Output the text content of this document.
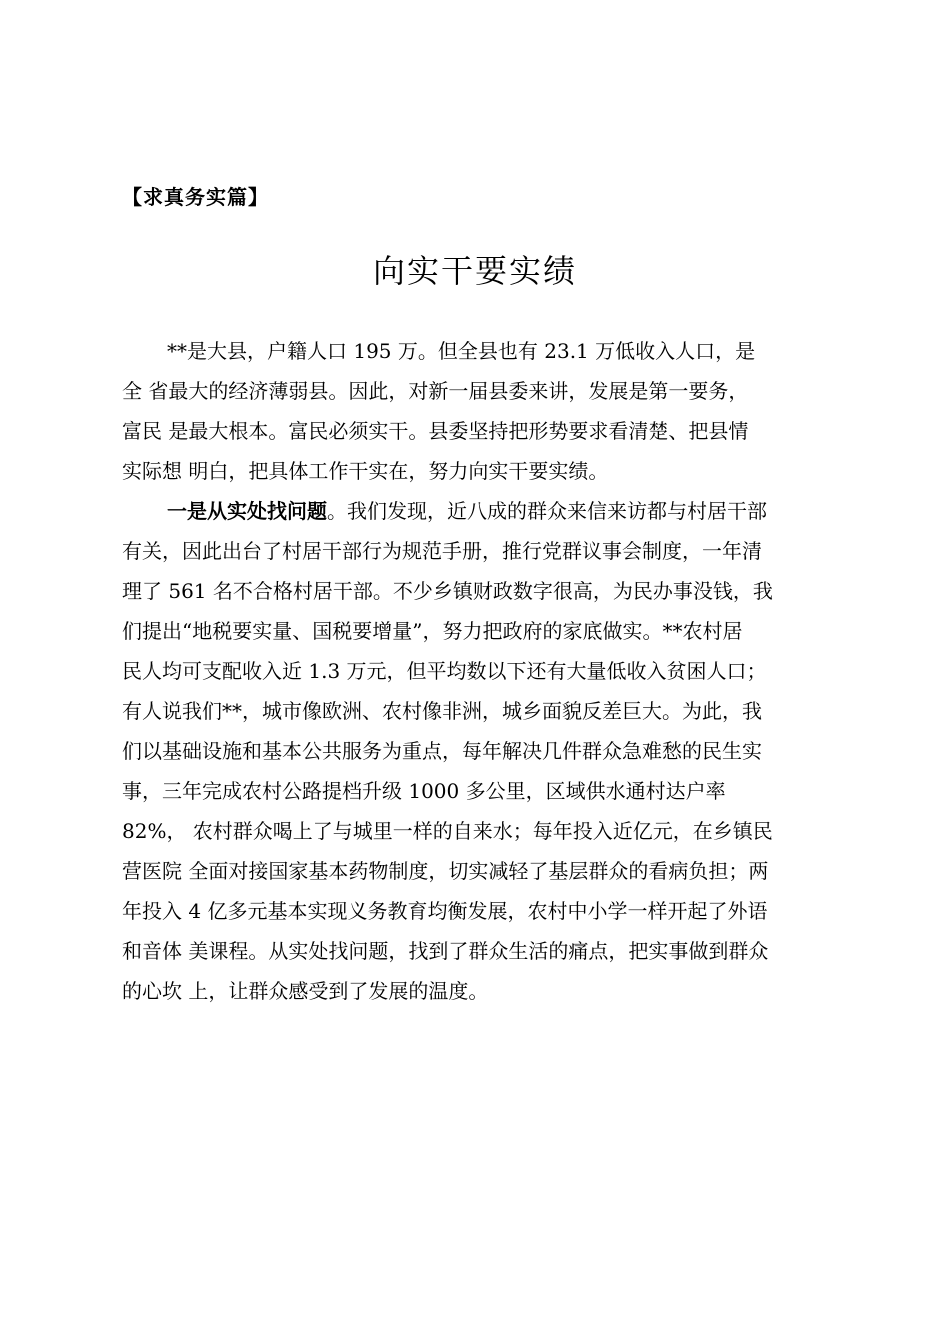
【求真务实篇】
向实干要实绩
**是大县，户籍人口 195 万。但全县也有 23.1 万低收入人口，是
全 省最大的经济薄弱县。因此，对新一届县委来讲，发展是第一要务，
富民 是最大根本。富民必须实干。县委坚持把形势要求看清楚、把县情
实际想 明白，把具体工作干实在，努力向实干要实绩。
一是从实处找问题。我们发现，近八成的群众来信来访都与村居干部
有关，因此出台了村居干部行为规范手册，推行党群议事会制度，一年清
理了 561 名不合格村居干部。不少乡镇财政数字很高，为民办事没钱，我
们提出“地税要实量、国税要增量”，努力把政府的家底做实。**农村居
民人均可支配收入近 1.3 万元，但平均数以下还有大量低收入贫困人口；
有人说我们**，城市像欧洲、农村像非洲，城乡面貌反差巨大。为此，我
们以基础设施和基本公共服务为重点，每年解决几件群众急难愁的民生实
事，三年完成农村公路提档升级 1000 多公里，区域供水通村达户率
82%， 农村群众喝上了与城里一样的自来水；每年投入近亿元，在乡镇民
营医院 全面对接国家基本药物制度，切实减轻了基层群众的看病负担；两
年投入 4 亿多元基本实现义务教育均衡发展，农村中小学一样开起了外语
和音体 美课程。从实处找问题，找到了群众生活的痛点，把实事做到群众
的心坎 上，让群众感受到了发展的温度。
